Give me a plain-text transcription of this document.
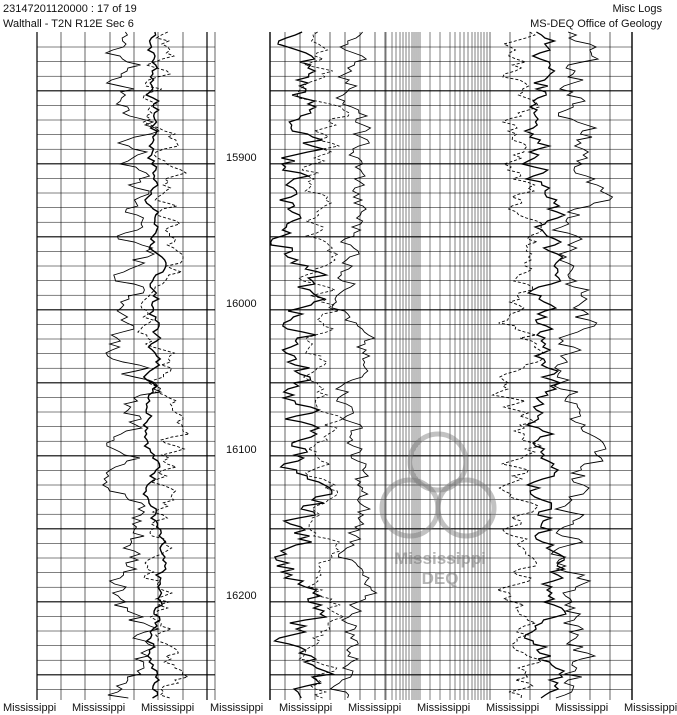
23147201120000 : 17 of 19
Walthall - T2N R12E Sec 6
Misc Logs
MS-DEQ Office of Geology
15900
16000
16100
16200
Mississippi
DEQ
Mississippi Mississippi Mississippi Mississippi Mississippi Mississippi Mississippi Mississippi Mississippi Mississippi
